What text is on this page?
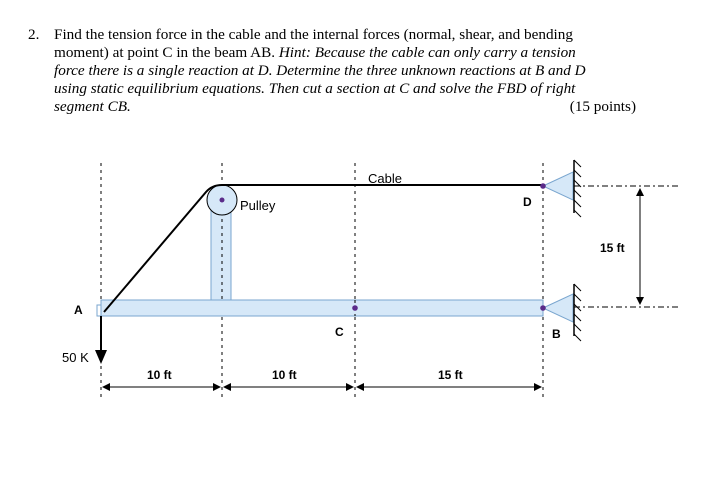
2. Find the tension force in the cable and the internal forces (normal, shear, and bending
moment) at point C in the beam AB. Hint: Because the cable can only carry a tension
force there is a single reaction at D. Determine the three unknown reactions at B and D
using static equilibrium equations. Then cut a section at C and solve the FBD of right
segment CB.	(15 points)
Cable
Pulley
A
C
D
B
50 K
15 ft
10 ft	10 ft	15 ft
